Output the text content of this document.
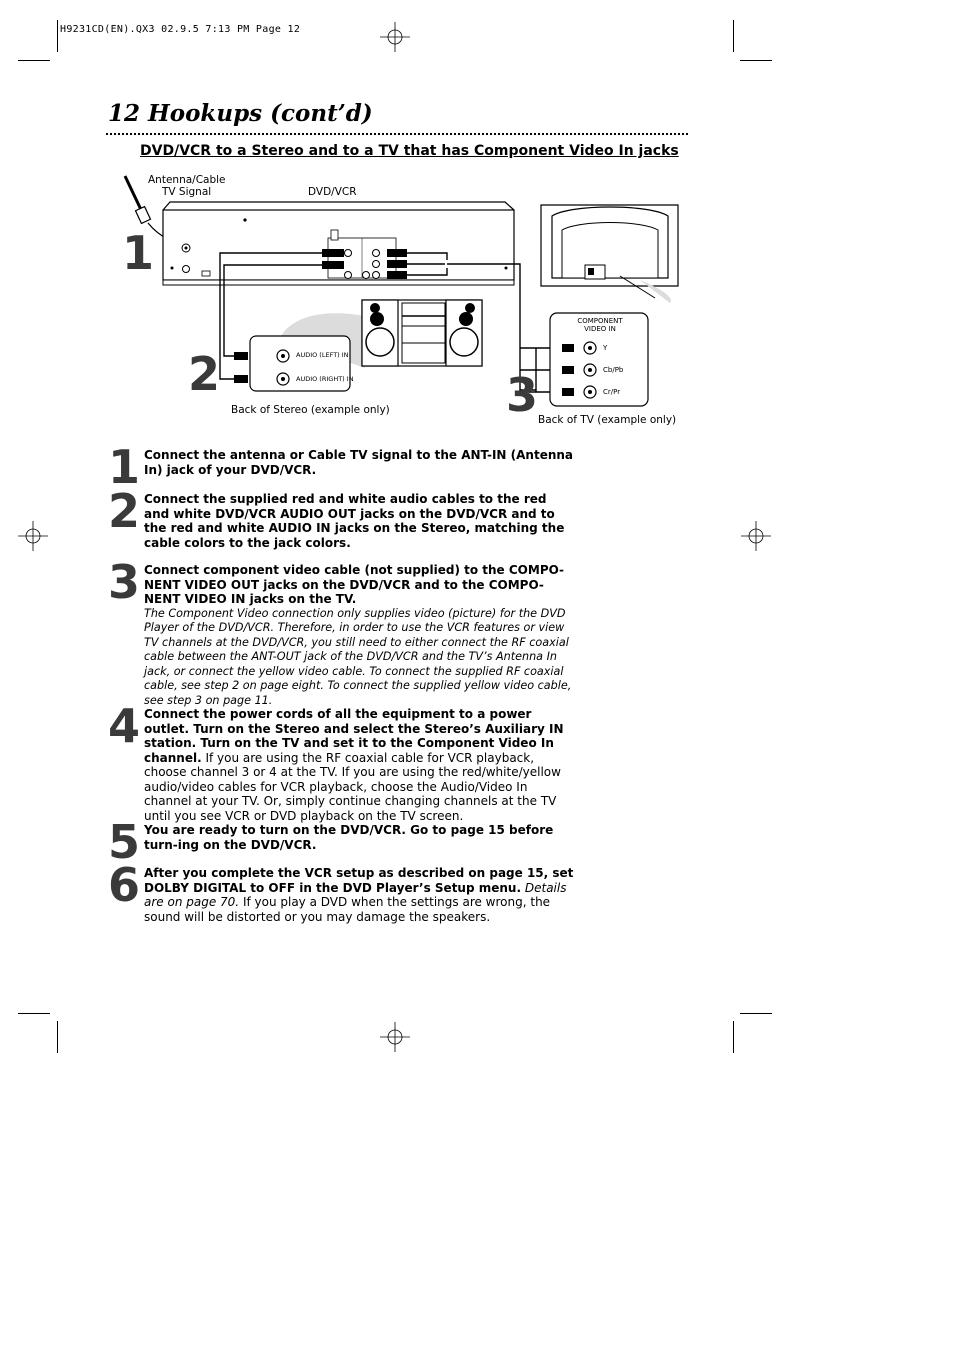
H9231CD(EN).QX3 02.9.5 7:13 PM Page 12
12 Hookups (cont’d)
DVD/VCR to a Stereo and to a TV that has Component Video In jacks
Antenna/Cable
TV Signal	DVD/VCR
AUDIO (LEFT) IN
AUDIO (RIGHT) IN
Back of Stereo (example only)
COMPONENT
VIDEO IN
Y
Cb/Pb
Cr/Pr
Back of TV (example only)
1
2	3
1 Connect the antenna or Cable TV signal to the ANT-IN (Antenna In) jack of your DVD/VCR.
2 Connect the supplied red and white audio cables to the red and white DVD/VCR AUDIO OUT jacks on the DVD/VCR and to the red and white AUDIO IN jacks on the Stereo, matching the cable colors to the jack colors.
3 Connect component video cable (not supplied) to the COMPO-NENT VIDEO OUT jacks on the DVD/VCR and to the COMPO-NENT VIDEO IN jacks on the TV.
The Component Video connection only supplies video (picture) for the DVD Player of the DVD/VCR. Therefore, in order to use the VCR features or view TV channels at the DVD/VCR, you still need to either connect the RF coaxial cable between the ANT-OUT jack of the DVD/VCR and the TV’s Antenna In jack, or connect the yellow video cable. To connect the supplied RF coaxial cable, see step 2 on page eight. To connect the supplied yellow video cable, see step 3 on page 11.
4 Connect the power cords of all the equipment to a power outlet. Turn on the Stereo and select the Stereo’s Auxiliary IN station. Turn on the TV and set it to the Component Video In channel. If you are using the RF coaxial cable for VCR playback, choose channel 3 or 4 at the TV. If you are using the red/white/yellow audio/video cables for VCR playback, choose the Audio/Video In channel at your TV. Or, simply continue changing channels at the TV until you see VCR or DVD playback on the TV screen.
5 You are ready to turn on the DVD/VCR. Go to page 15 before turn-ing on the DVD/VCR.
6 After you complete the VCR setup as described on page 15, set DOLBY DIGITAL to OFF in the DVD Player’s Setup menu. Details are on page 70. If you play a DVD when the settings are wrong, the sound will be distorted or you may damage the speakers.
